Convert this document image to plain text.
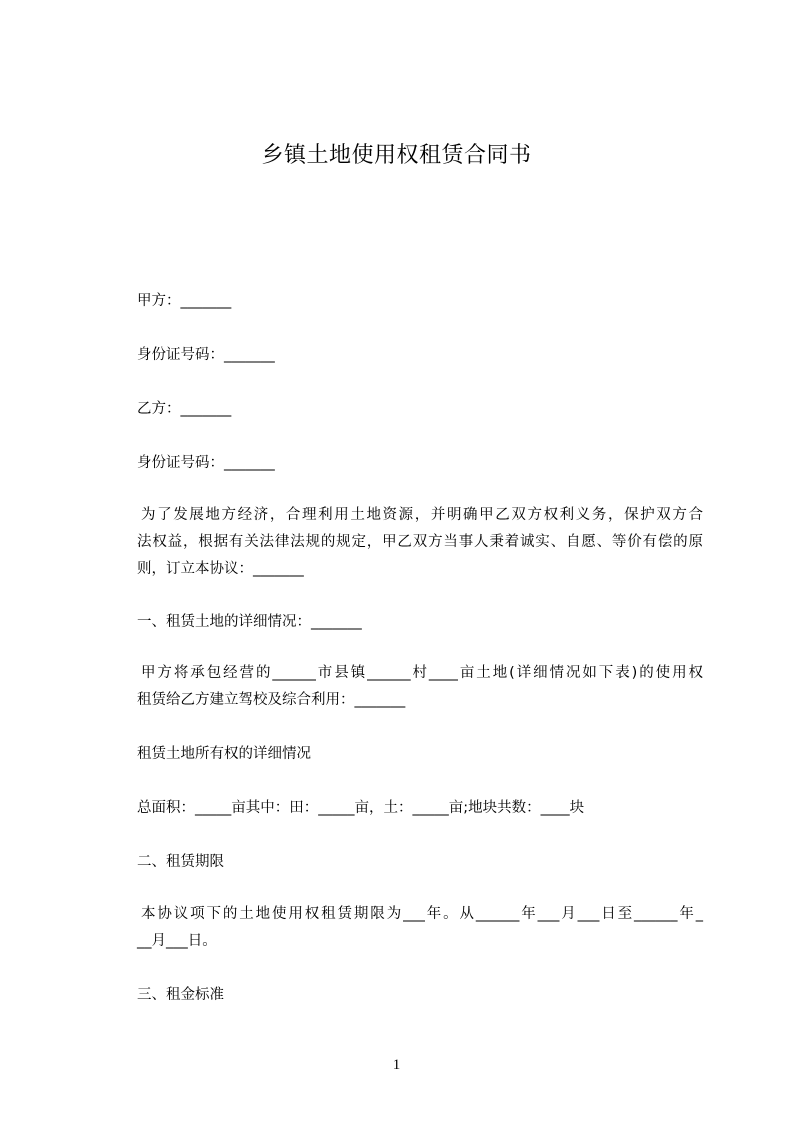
乡镇土地使用权租赁合同书
甲方：_______
身份证号码：_______
乙方：_______
身份证号码：_______
为了发展地方经济，合理利用土地资源，并明确甲乙双方权利义务，保护双方合
法权益，根据有关法律法规的规定，甲乙双方当事人秉着诚实、自愿、等价有偿的原
则，订立本协议：_______
一、租赁土地的详细情况：_______
甲方将承包经营的______市县镇______村____亩土地(详细情况如下表)的使用权
租赁给乙方建立驾校及综合利用：_______
租赁土地所有权的详细情况
总面积：_____亩其中：田：_____亩，土：_____亩;地块共数：____块
二、租赁期限
本协议项下的土地使用权租赁期限为___年。从______年___月___日至______年_
__月___日。
三、租金标准
1
